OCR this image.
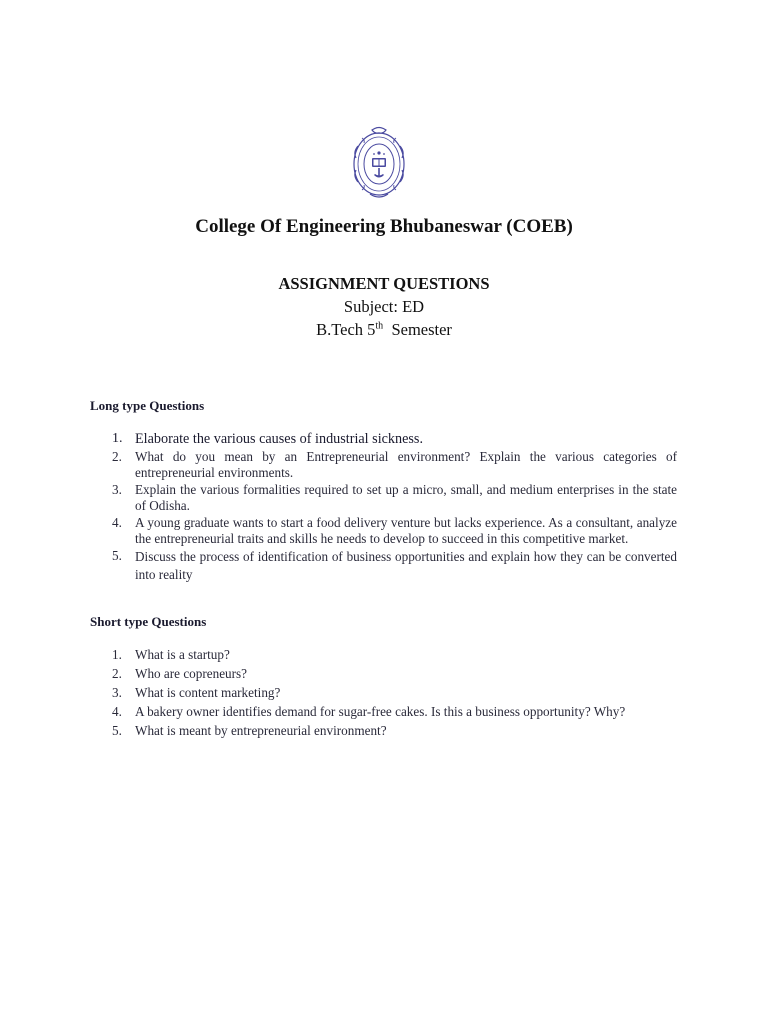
College Of Engineering Bhubaneswar (COEB)
ASSIGNMENT QUESTIONS
Subject: ED
B.Tech 5th  Semester
Long type Questions
1. Elaborate the various causes of industrial sickness.
2. What do you mean by an Entrepreneurial environment? Explain the various categories of entrepreneurial environments.
3. Explain the various formalities required to set up a micro, small, and medium enterprises in the state of Odisha.
4. A young graduate wants to start a food delivery venture but lacks experience. As a consultant, analyze the entrepreneurial traits and skills he needs to develop to succeed in this competitive market.
5. Discuss the process of identification of business opportunities and explain how they can be converted into reality
Short type Questions
1. What is a startup?
2. Who are copreneurs?
3. What is content marketing?
4. A bakery owner identifies demand for sugar-free cakes. Is this a business opportunity? Why?
5. What is meant by entrepreneurial environment?
